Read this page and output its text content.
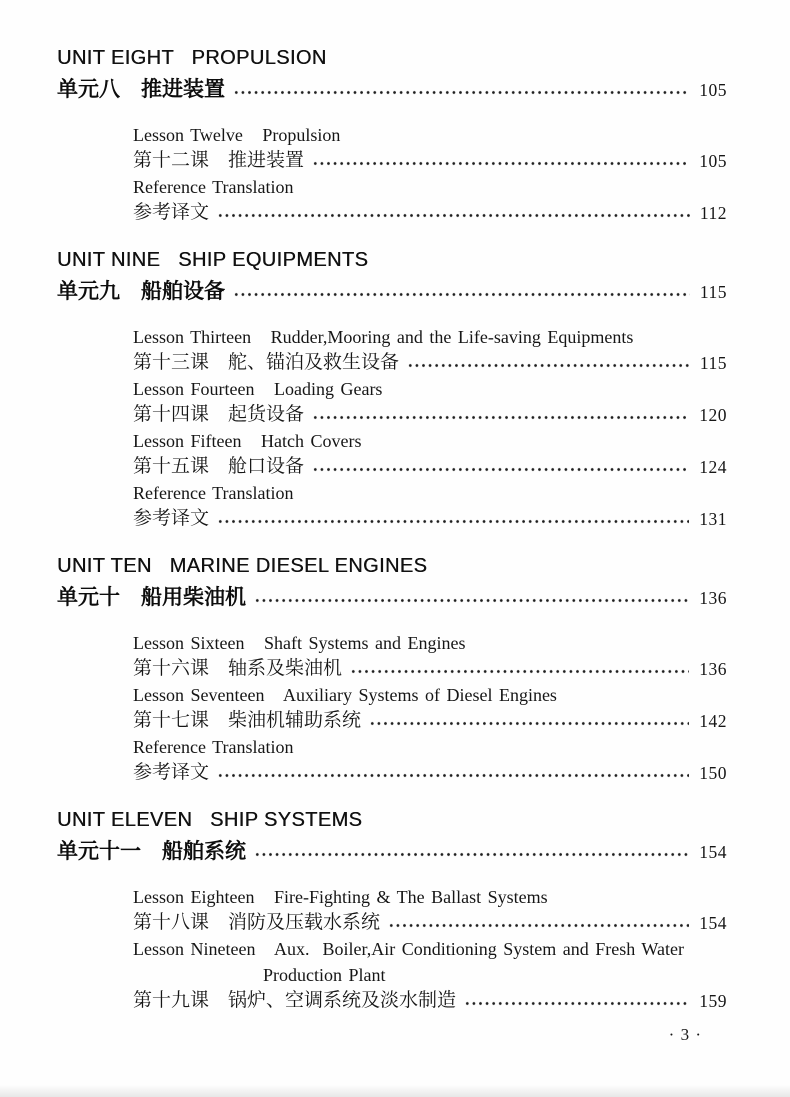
UNIT EIGHT   PROPULSION
单元八　推进装置	105
Lesson Twelve   Propulsion
第十二课　推进装置	105
Reference Translation
参考译文	112
UNIT NINE   SHIP EQUIPMENTS
单元九　船舶设备	115
Lesson Thirteen   Rudder,Mooring and the Life-saving Equipments
第十三课　舵、锚泊及救生设备	115
Lesson Fourteen   Loading Gears
第十四课　起货设备	120
Lesson Fifteen   Hatch Covers
第十五课　舱口设备	124
Reference Translation
参考译文	131
UNIT TEN   MARINE DIESEL ENGINES
单元十　船用柴油机	136
Lesson Sixteen   Shaft Systems and Engines
第十六课　轴系及柴油机	136
Lesson Seventeen   Auxiliary Systems of Diesel Engines
第十七课　柴油机辅助系统	142
Reference Translation
参考译文	150
UNIT ELEVEN   SHIP SYSTEMS
单元十一　船舶系统	154
Lesson Eighteen   Fire-Fighting & The Ballast Systems
第十八课　消防及压载水系统	154
Lesson Nineteen   Aux.  Boiler,Air Conditioning System and Fresh Water
Production Plant
第十九课　锅炉、空调系统及淡水制造	159
· 3 ·
